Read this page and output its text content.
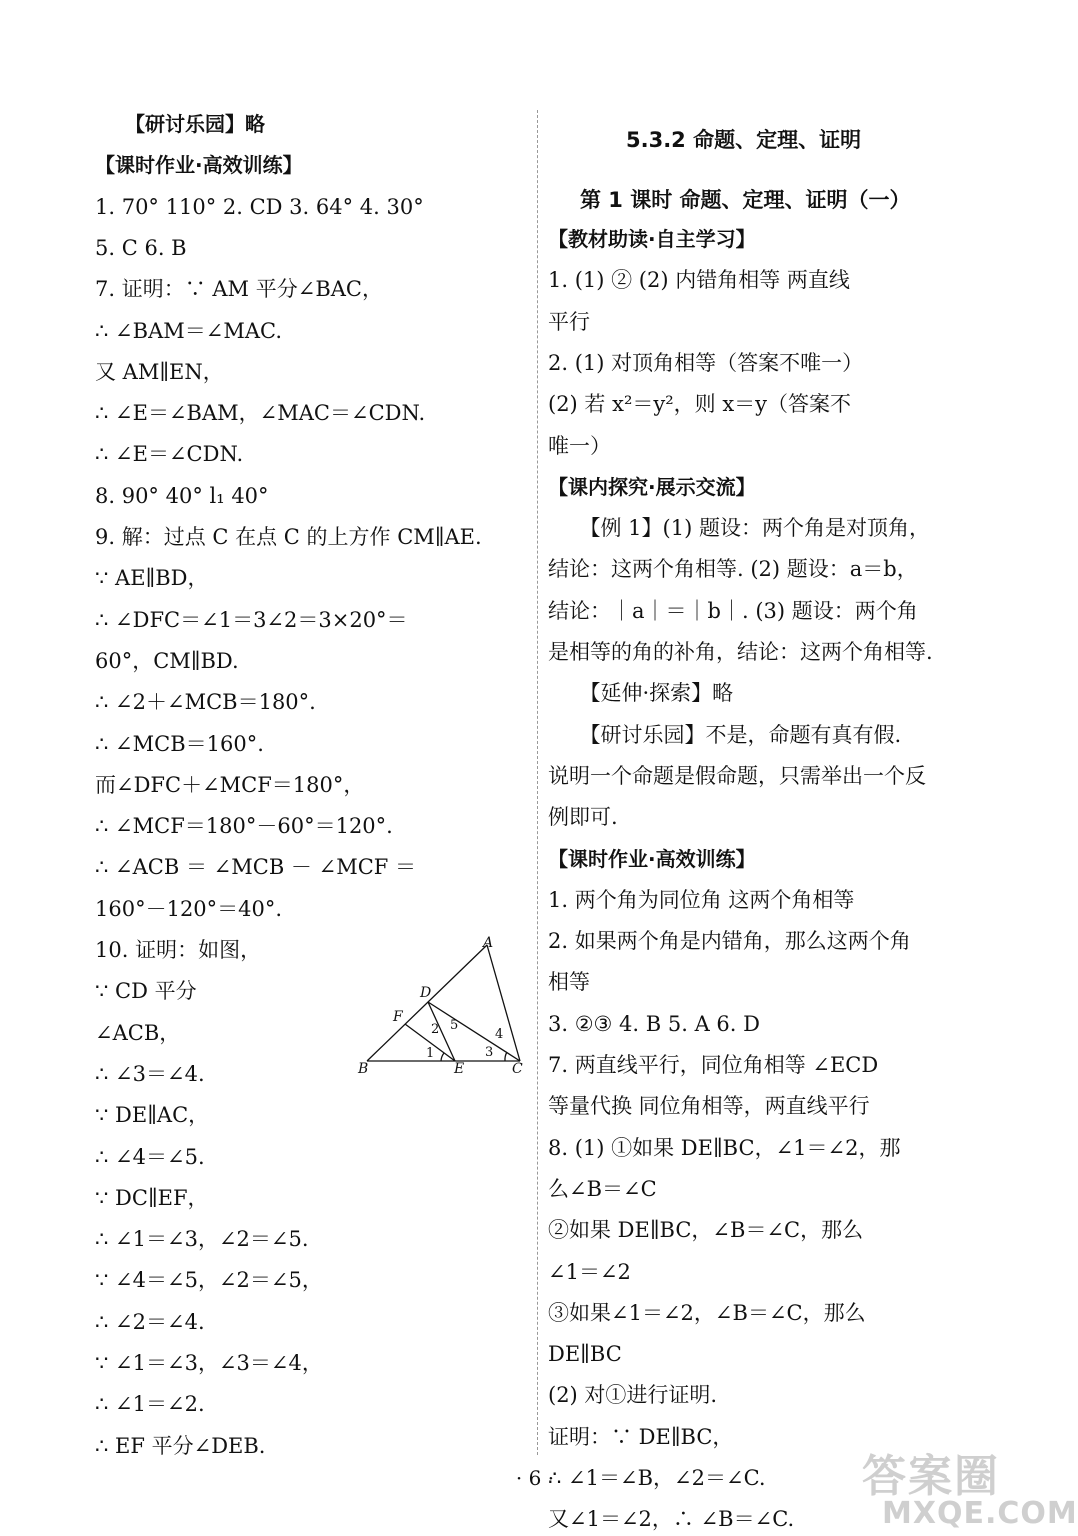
　　【研讨乐园】略
【课时作业·高效训练】
1. 70° 110° 2. CD 3. 64° 4. 30°
5. C 6. B
7. 证明：∵ AM 平分∠BAC，
∴ ∠BAM＝∠MAC.
又 AM∥EN，
∴ ∠E＝∠BAM，∠MAC＝∠CDN.
∴ ∠E＝∠CDN.
8. 90° 40° l₁ 40°
9. 解：过点 C 在点 C 的上方作 CM∥AE.
∵ AE∥BD，
∴ ∠DFC＝∠1＝3∠2＝3×20°＝
60°，CM∥BD.
∴ ∠2＋∠MCB＝180°.
∴ ∠MCB＝160°.
而∠DFC＋∠MCF＝180°，
∴ ∠MCF＝180°－60°＝120°.
∴ ∠ACB ＝ ∠MCB － ∠MCF ＝
160°－120°＝40°.
10. 证明：如图，
∵ CD 平分
∠ACB，
∴ ∠3＝∠4.
∵ DE∥AC，
∴ ∠4＝∠5.
∵ DC∥EF，
∴ ∠1＝∠3，∠2＝∠5.
∵ ∠4＝∠5，∠2＝∠5，
∴ ∠2＝∠4.
∵ ∠1＝∠3，∠3＝∠4，
∴ ∠1＝∠2.
∴ EF 平分∠DEB.
5.3.2 命题、定理、证明
第 1 课时 命题、定理、证明（一）
【教材助读·自主学习】
1. (1) ② (2) 内错角相等 两直线
平行
2. (1) 对顶角相等（答案不唯一）
(2) 若 x²＝y²，则 x＝y（答案不
唯一）
【课内探究·展示交流】
　　【例 1】(1) 题设：两个角是对顶角，
结论：这两个角相等. (2) 题设：a＝b，
结论：｜a｜＝｜b｜. (3) 题设：两个角
是相等的角的补角，结论：这两个角相等.
　　【延伸·探索】略
　　【研讨乐园】不是，命题有真有假.
说明一个命题是假命题，只需举出一个反
例即可.
【课时作业·高效训练】
1. 两个角为同位角 这两个角相等
2. 如果两个角是内错角，那么这两个角
相等
3. ②③ 4. B 5. A 6. D
7. 两直线平行，同位角相等 ∠ECD
等量代换 同位角相等，两直线平行
8. (1) ①如果 DE∥BC，∠1＝∠2，那
么∠B＝∠C
②如果 DE∥BC，∠B＝∠C，那么
∠1＝∠2
③如果∠1＝∠2，∠B＝∠C，那么
DE∥BC
(2) 对①进行证明.
证明：∵ DE∥BC，
∴ ∠1＝∠B，∠2＝∠C.
又∠1＝∠2，∴ ∠B＝∠C.
A
B	C
D
E
F
1
2
3
4
5
· 6 ·	答案圈
MXQE.COM
